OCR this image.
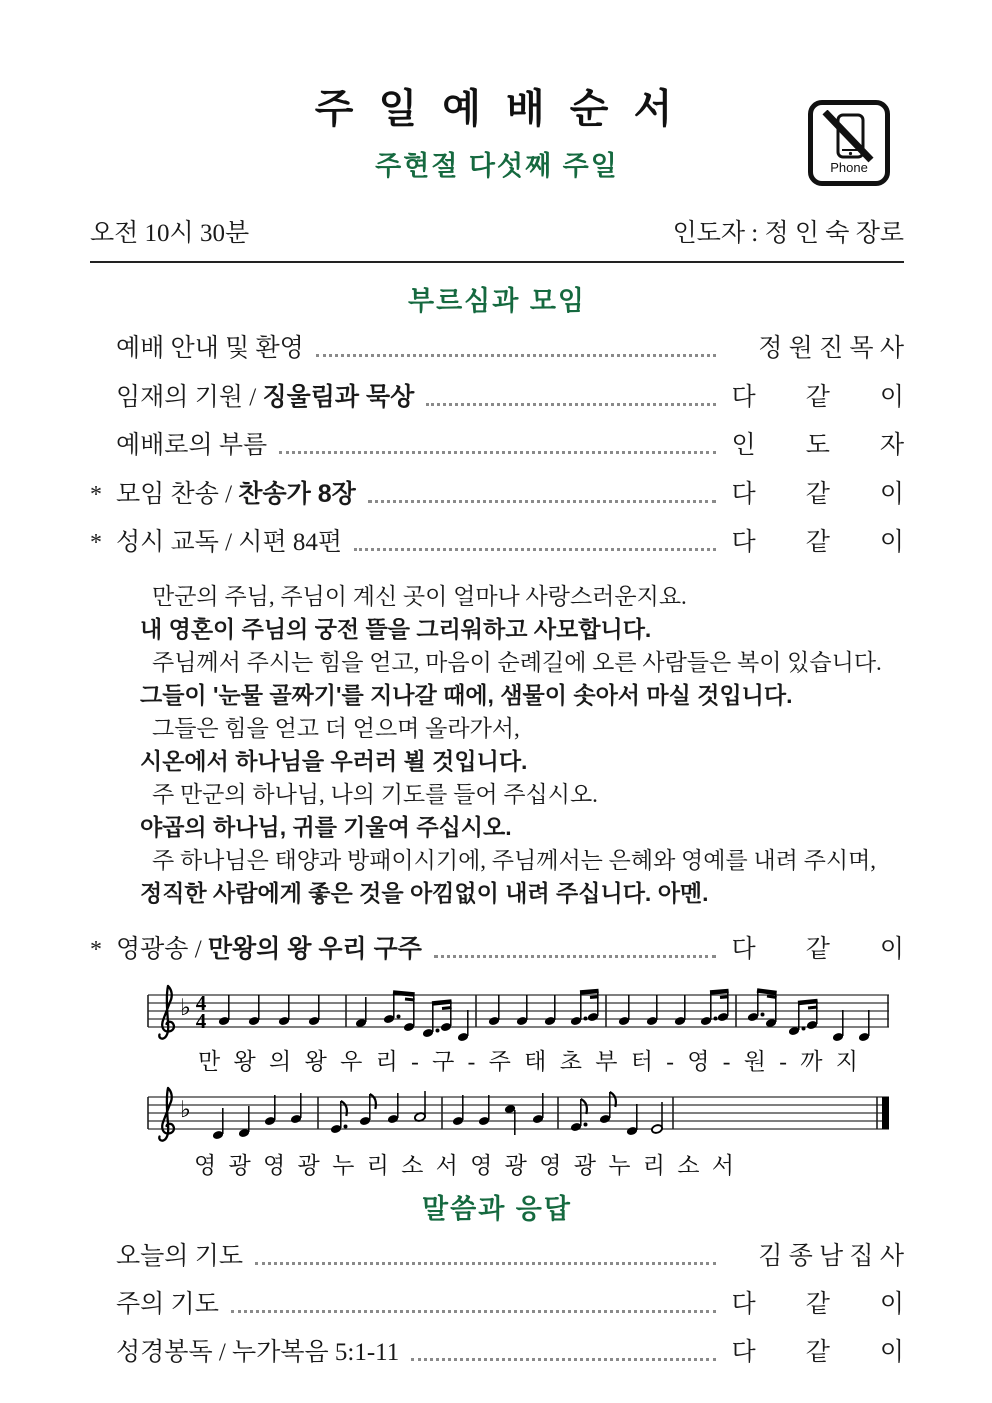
주 일 예 배 순 서
주현절 다섯째 주일	Phone
오전 10시 30분	인도자 : 정 인 숙 장로
부르심과 모임
예배 안내 및 환영	정 원 진 목 사
임재의 기원 / 징울림과 묵상	다        같        이
예배로의 부름	인        도        자
* 모임 찬송 / 찬송가 8장	다        같        이
* 성시 교독 / 시편 84편	다        같        이

만군의 주님, 주님이 계신 곳이 얼마나 사랑스러운지요.

내 영혼이 주님의 궁전 뜰을 그리워하고 사모합니다.

주님께서 주시는 힘을 얻고, 마음이 순례길에 오른 사람들은 복이 있습니다.

그들이 '눈물 골짜기'를 지나갈 때에, 샘물이 솟아서 마실 것입니다.

그들은 힘을 얻고 더 얻으며 올라가서,

시온에서 하나님을 우러러 뵐 것입니다.

주 만군의 하나님, 나의 기도를 들어 주십시오.

야곱의 하나님, 귀를 기울여 주십시오.

주 하나님은 태양과 방패이시기에, 주님께서는 은혜와 영예를 내려 주시며,

정직한 사람에게 좋은 것을 아낌없이 내려 주십니다. 아멘.

* 영광송 / 만왕의 왕 우리 구주	다        같        이
♭ 4
4
만 왕 의 왕 우 리 - 구 - 주 태 초 부 터 - 영 - 원 - 까 지
♭
영 광 영 광 누 리 소 서 영 광 영 광 누 리 소 서
말씀과 응답
오늘의 기도	김 종 남 집 사
주의 기도	다        같        이
성경봉독 / 누가복음 5:1-11	다        같        이
